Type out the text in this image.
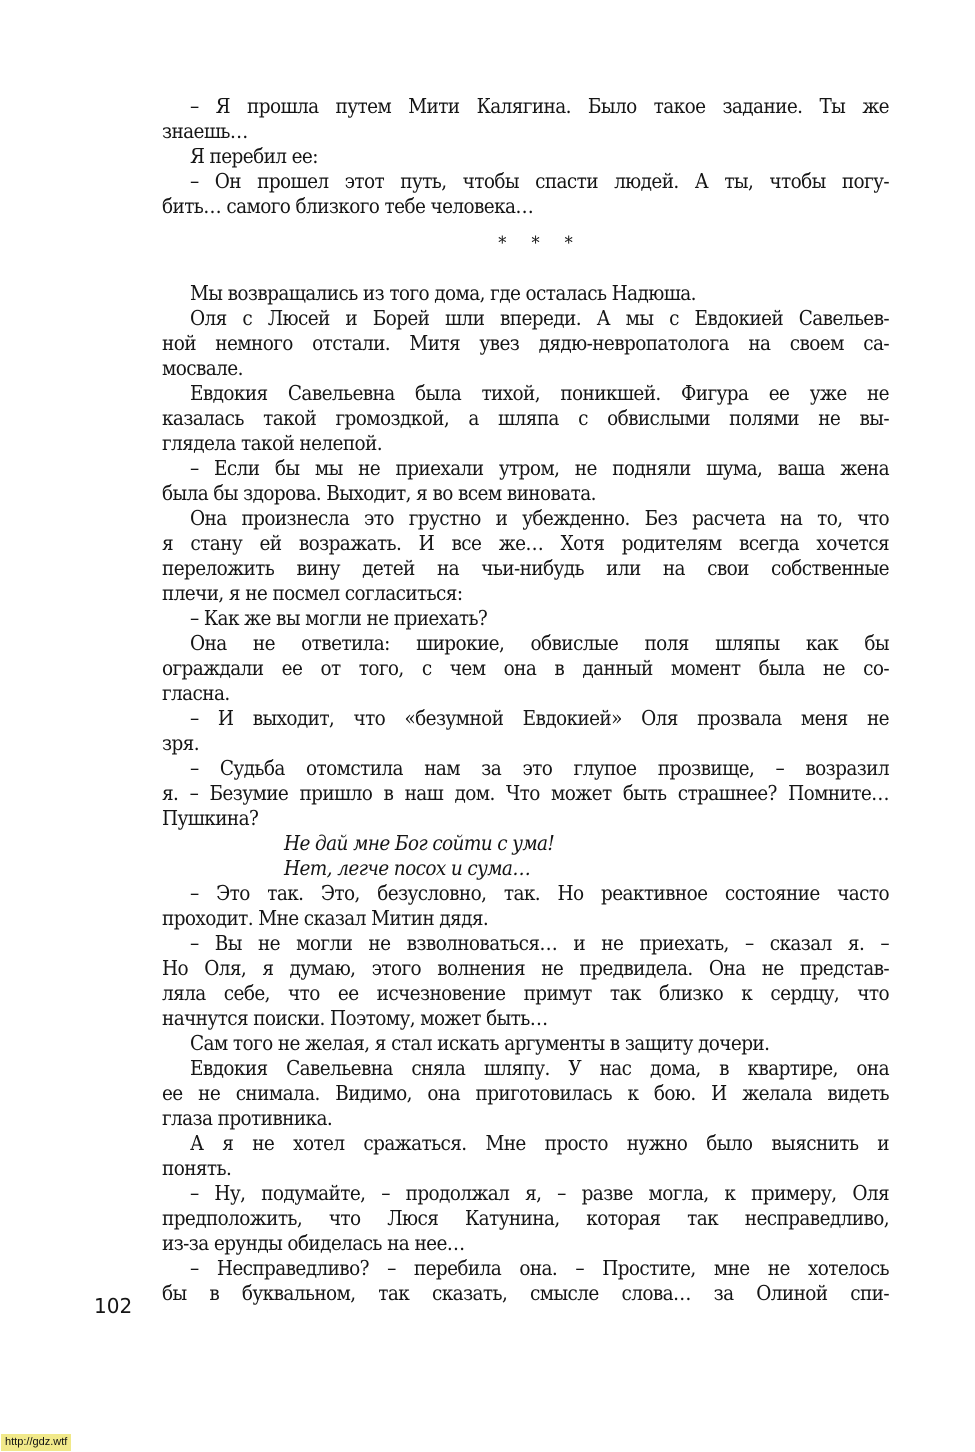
– Я прошла путем Мити Калягина. Было такое задание. Ты же
знаешь…
Я перебил ее:
– Он прошел этот путь, чтобы спасти людей. А ты, чтобы погу-
бить… самого близкого тебе человека…
* * *
Мы возвращались из того дома, где осталась Надюша.
Оля с Люсей и Борей шли впереди. А мы с Евдокией Савельев-
ной немного отстали. Митя увез дядю-невропатолога на своем са-
мосвале.
Евдокия Савельевна была тихой, поникшей. Фигура ее уже не
казалась такой громоздкой, а шляпа с обвислыми полями не вы-
глядела такой нелепой.
– Если бы мы не приехали утром, не подняли шума, ваша жена
была бы здорова. Выходит, я во всем виновата.
Она произнесла это грустно и убежденно. Без расчета на то, что
я стану ей возражать. И все же… Хотя родителям всегда хочется
переложить вину детей на чьи-нибудь или на свои собственные
плечи, я не посмел согласиться:
– Как же вы могли не приехать?
Она не ответила: широкие, обвислые поля шляпы как бы
ограждали ее от того, с чем она в данный момент была не со-
гласна.
– И выходит, что «безумной Евдокией» Оля прозвала меня не
зря.
– Судьба отомстила нам за это глупое прозвище, – возразил
я. – Безумие пришло в наш дом. Что может быть страшнее? Помните…
Пушкина?
Не дай мне Бог сойти с ума!
Нет, легче посох и сума…
– Это так. Это, безусловно, так. Но реактивное состояние часто
проходит. Мне сказал Митин дядя.
– Вы не могли не взволноваться… и не приехать, – сказал я. –
Но Оля, я думаю, этого волнения не предвидела. Она не представ-
ляла себе, что ее исчезновение примут так близко к сердцу, что
начнутся поиски. Поэтому, может быть…
Сам того не желая, я стал искать аргументы в защиту дочери.
Евдокия Савельевна сняла шляпу. У нас дома, в квартире, она
ее не снимала. Видимо, она приготовилась к бою. И желала видеть
глаза противника.
А я не хотел сражаться. Мне просто нужно было выяснить и
понять.
– Ну, подумайте, – продолжал я, – разве могла, к примеру, Оля
предположить, что Люся Катунина, которая так несправедливо,
из-за ерунды обиделась на нее…
– Несправедливо? – перебила она. – Простите, мне не хотелось
бы в буквальном, так сказать, смысле слова… за Олиной спи-
102
http://gdz.wtf
